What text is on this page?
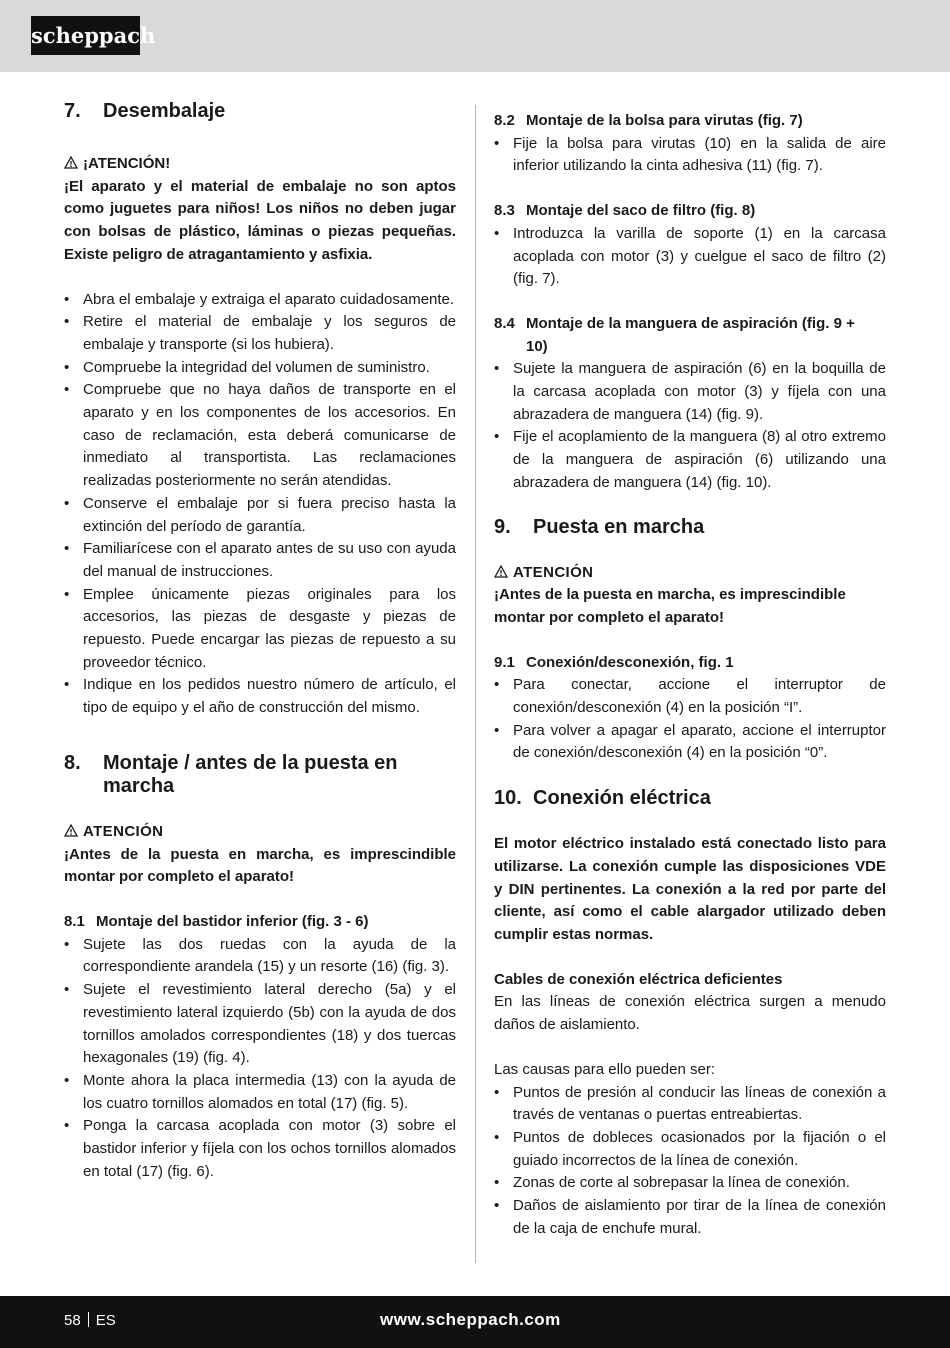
scheppach
7.	Desembalaje

¡ATENCIÓN!

¡El aparato y el material de embalaje no son aptos como juguetes para niños! Los niños no deben jugar con bolsas de plástico, láminas o piezas pequeñas. Existe peligro de atragantamiento y asfixia.

• Abra el embalaje y extraiga el aparato cuidadosamente.
• Retire el material de embalaje y los seguros de embalaje y transporte (si los hubiera).
• Compruebe la integridad del volumen de suministro.
• Compruebe que no haya daños de transporte en el aparato y en los componentes de los accesorios. En caso de reclamación, esta deberá comunicarse de inmediato al transportista. Las reclamaciones realizadas posteriormente no serán atendidas.
• Conserve el embalaje por si fuera preciso hasta la extinción del período de garantía.
• Familiarícese con el aparato antes de su uso con ayuda del manual de instrucciones.
• Emplee únicamente piezas originales para los accesorios, las piezas de desgaste y piezas de repuesto. Puede encargar las piezas de repuesto a su proveedor técnico.
• Indique en los pedidos nuestro número de artículo, el tipo de equipo y el año de construcción del mismo.
8.	Montaje / antes de la puesta en marcha

ATENCIÓN

¡Antes de la puesta en marcha, es imprescindible montar por completo el aparato!

8.1 Montaje del bastidor inferior (fig. 3 - 6)
• Sujete las dos ruedas con la ayuda de la correspondiente arandela (15) y un resorte (16) (fig. 3).
• Sujete el revestimiento lateral derecho (5a) y el revestimiento lateral izquierdo (5b) con la ayuda de dos tornillos amolados correspondientes (18) y dos tuercas hexagonales (19) (fig. 4).
• Monte ahora la placa intermedia (13) con la ayuda de los cuatro tornillos alomados en total (17) (fig. 5).
• Ponga la carcasa acoplada con motor (3) sobre el bastidor inferior y fíjela con los ochos tornillos alomados en total (17) (fig. 6).
8.2 Montaje de la bolsa para virutas (fig. 7)
• Fije la bolsa para virutas (10) en la salida de aire inferior utilizando la cinta adhesiva (11) (fig. 7).
8.3 Montaje del saco de filtro (fig. 8)
• Introduzca la varilla de soporte (1) en la carcasa acoplada con motor (3) y cuelgue el saco de filtro (2) (fig. 7).
8.4 Montaje de la manguera de aspiración (fig. 9 + 10)
• Sujete la manguera de aspiración (6) en la boquilla de la carcasa acoplada con motor (3) y fíjela con una abrazadera de manguera (14) (fig. 9).
• Fije el acoplamiento de la manguera (8) al otro extremo de la manguera de aspiración (6) utilizando una abrazadera de manguera (14) (fig. 10).
9.	Puesta en marcha

ATENCIÓN

¡Antes de la puesta en marcha, es imprescindible montar por completo el aparato!

9.1 Conexión/desconexión, fig. 1
• Para conectar, accione el interruptor de conexión/desconexión (4) en la posición “I”.
• Para volver a apagar el aparato, accione el interruptor de conexión/desconexión (4) en la posición “0”.
10. Conexión eléctrica

El motor eléctrico instalado está conectado listo para utilizarse. La conexión cumple las disposiciones VDE y DIN pertinentes. La conexión a la red por parte del cliente, así como el cable alargador utilizado deben cumplir estas normas.

Cables de conexión eléctrica deficientes

En las líneas de conexión eléctrica surgen a menudo daños de aislamiento.

Las causas para ello pueden ser:

• Puntos de presión al conducir las líneas de conexión a través de ventanas o puertas entreabiertas.
• Puntos de dobleces ocasionados por la fijación o el guiado incorrectos de la línea de conexión.
• Zonas de corte al sobrepasar la línea de conexión.
• Daños de aislamiento por tirar de la línea de conexión de la caja de enchufe mural.
58 ES	www.scheppach.com
